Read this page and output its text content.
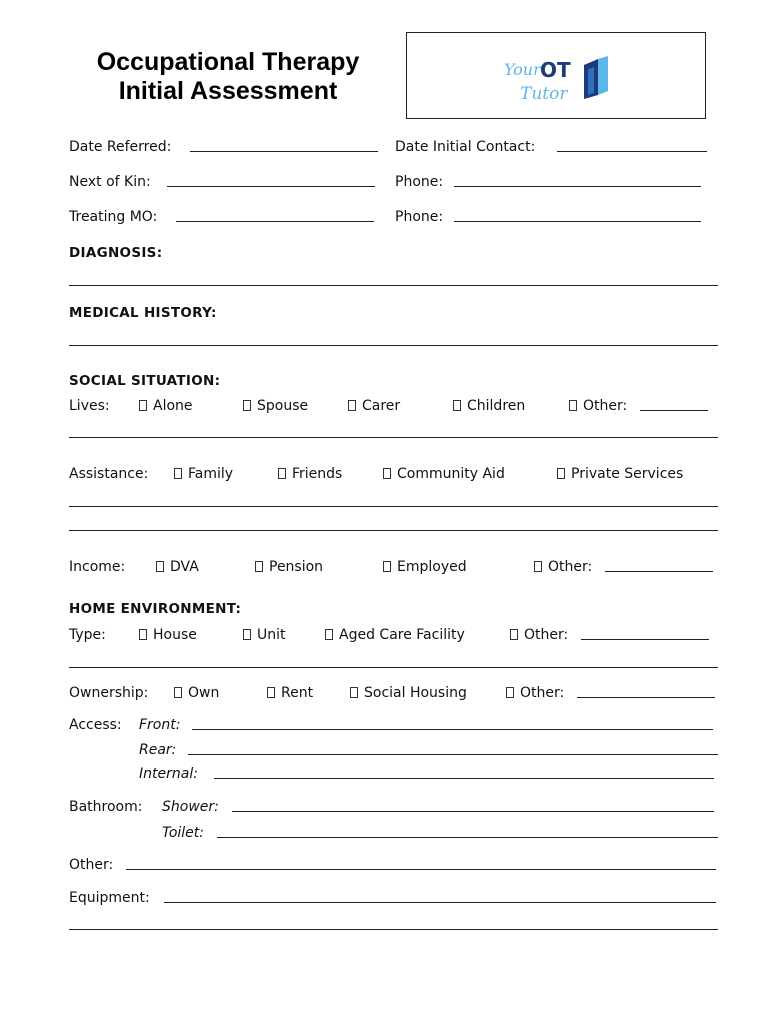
Occupational Therapy
Initial Assessment
Your OT
Tutor
Date Referred:	Date Initial Contact:
Next of Kin:	Phone:
Treating MO:	Phone:
DIAGNOSIS:
MEDICAL HISTORY:
SOCIAL SITUATION:
Lives:	Alone	Spouse	Carer	Children	Other:
Assistance:	Family	Friends	Community Aid	Private Services
Income:	DVA	Pension	Employed	Other:
HOME ENVIRONMENT:
Type:	House	Unit	Aged Care Facility	Other:
Ownership:	Own	Rent	Social Housing	Other:
Access: Front:
Rear:
Internal:
Bathroom: Shower:
Toilet:
Other:
Equipment:
